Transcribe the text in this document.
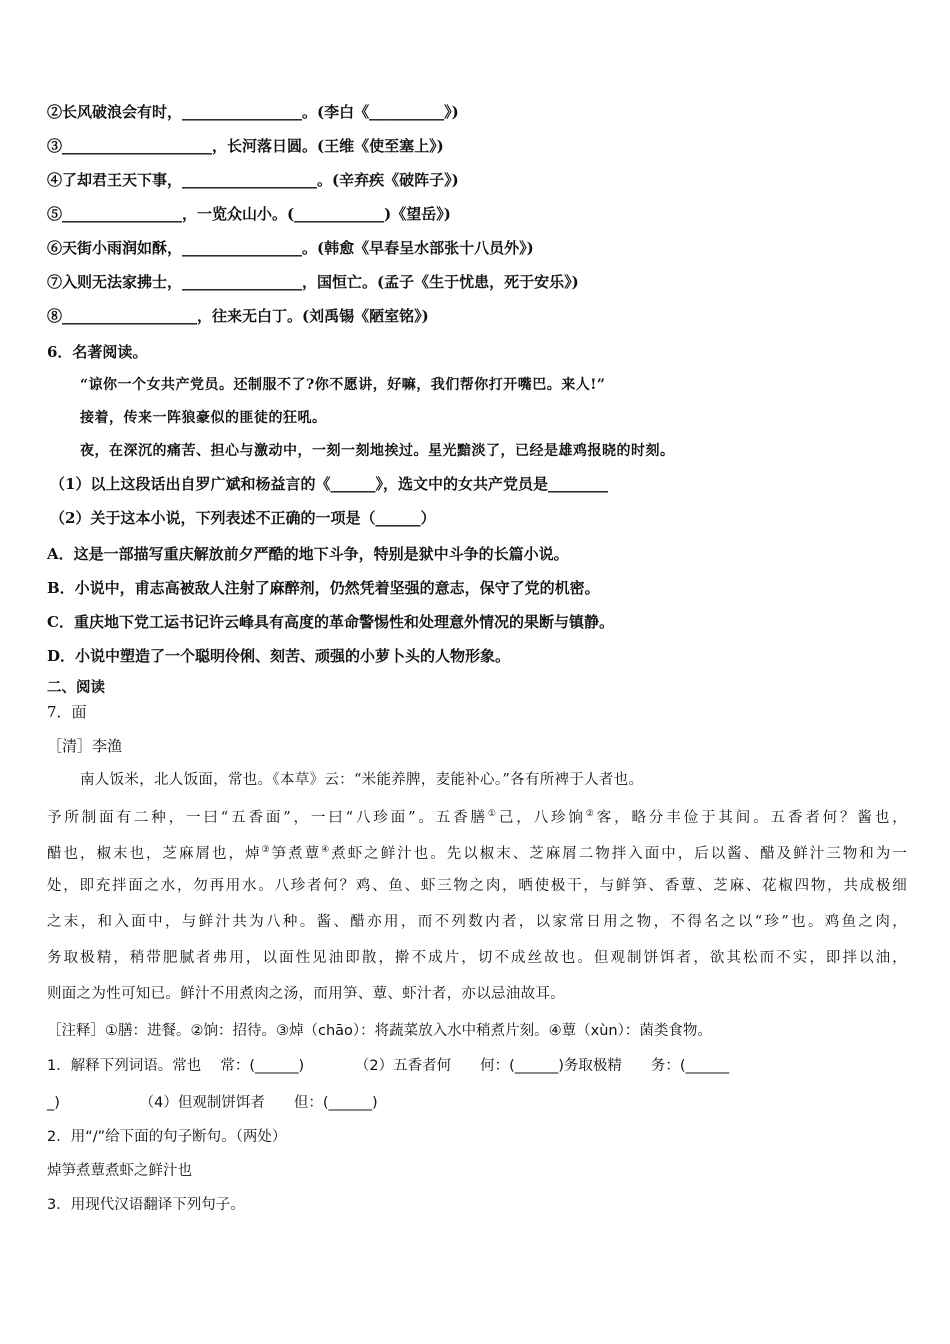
②长风破浪会有时，________________。(李白《__________》)
③____________________，长河落日圆。(王维《使至塞上》)
④了却君王天下事，__________________。(辛弃疾《破阵子》)
⑤________________，一览众山小。(____________)《望岳》)
⑥天街小雨润如酥，________________。(韩愈《早春呈水部张十八员外》)
⑦入则无法家拂士，________________，国恒亡。(孟子《生于忧患，死于安乐》)
⑧__________________，往来无白丁。(刘禹锡《陋室铭》)
6．名著阅读。
“谅你一个女共产党员。还制服不了?你不愿讲，好嘛，我们帮你打开嘴巴。来人!”
接着，传来一阵狼豪似的匪徒的狂吼。
夜，在深沉的痛苦、担心与激动中，一刻一刻地挨过。星光黯淡了，已经是雄鸡报晓的时刻。
（1）以上这段话出自罗广斌和杨益言的《______》，选文中的女共产党员是________
（2）关于这本小说，下列表述不正确的一项是（______）
A．这是一部描写重庆解放前夕严酷的地下斗争，特别是狱中斗争的长篇小说。
B．小说中，甫志高被敌人注射了麻醉剂，仍然凭着坚强的意志，保守了党的机密。
C．重庆地下党工运书记许云峰具有高度的革命警惕性和处理意外情况的果断与镇静。
D．小说中塑造了一个聪明伶俐、刻苦、顽强的小萝卜头的人物形象。
二、阅读
7．面
［清］李渔
南人饭米，北人饭面，常也。《本草》云：“米能养脾，麦能补心。”各有所裨于人者也。
予所制面有二种，一曰“五香面”，一曰“八珍面”。五香膳①己，八珍饷②客，略分丰俭于其间。五香者何？酱也，
醋也，椒末也，芝麻屑也，焯③笋煮蕈④煮虾之鲜汁也。先以椒末、芝麻屑二物拌入面中，后以酱、醋及鲜汁三物和为一
处，即充拌面之水，勿再用水。八珍者何？鸡、鱼、虾三物之肉，晒使极干，与鲜笋、香蕈、芝麻、花椒四物，共成极细
之末，和入面中，与鲜汁共为八种。酱、醋亦用，而不列数内者，以家常日用之物，不得名之以“珍”也。鸡鱼之肉，
务取极精，稍带肥腻者弗用，以面性见油即散，擀不成片，切不成丝故也。但观制饼饵者，欲其松而不实，即拌以油，
则面之为性可知已。鲜汁不用煮肉之汤，而用笋、蕈、虾汁者，亦以忌油故耳。
［注释］①膳：进餐。②饷：招待。③焯（chāo）：将蔬菜放入水中稍煮片刻。④蕈（xùn）：菌类食物。
1．解释下列词语。常也　 常：(______)　　　　（2）五香者何　　何：(______)务取极精　　务：(______
_)　　　　　　（4）但观制饼饵者　　但：(______)
2．用“/”给下面的句子断句。（两处）
焯笋煮蕈煮虾之鲜汁也
3．用现代汉语翻译下列句子。
